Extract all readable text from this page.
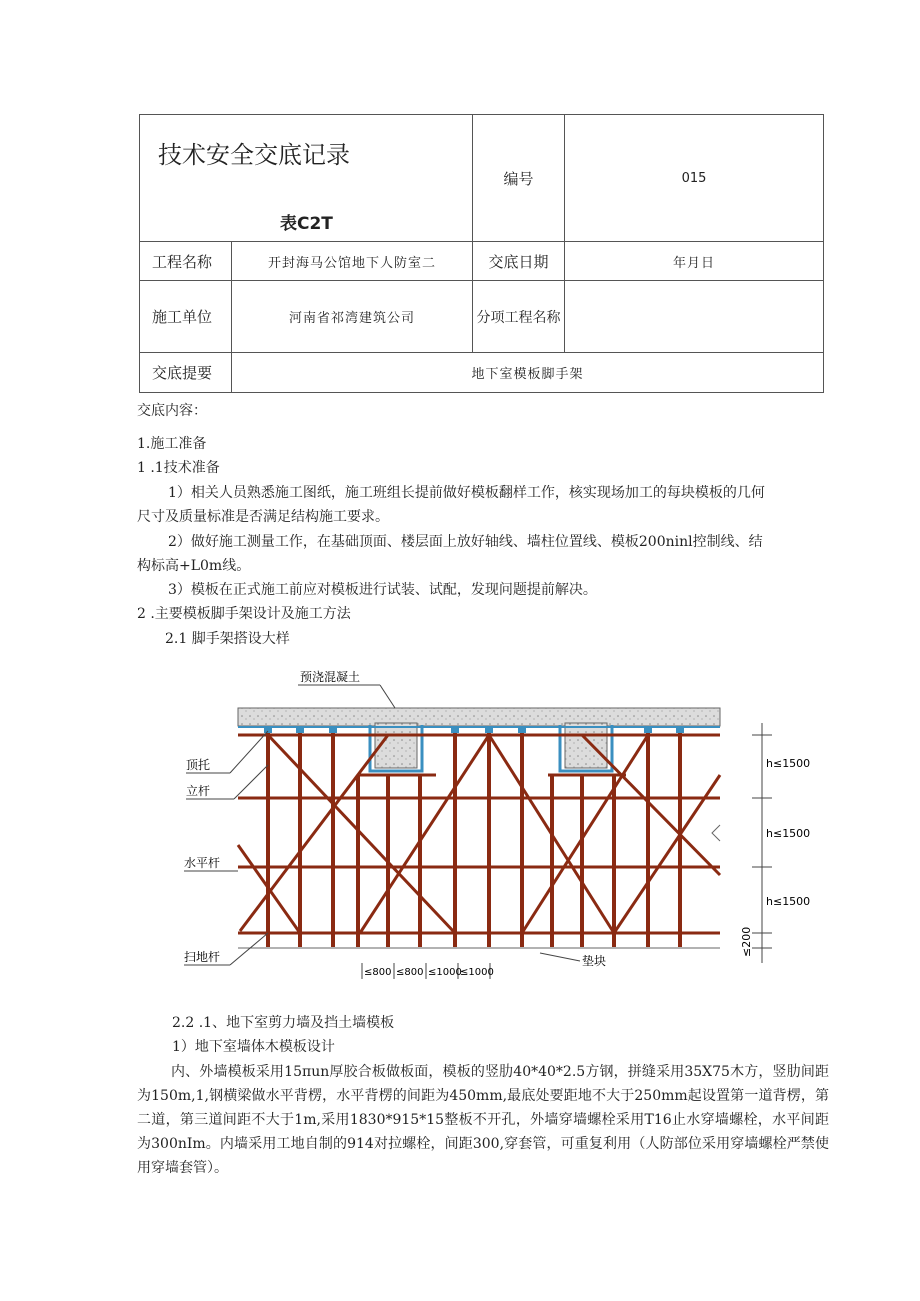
技术安全交底记录
表C2T		编号	015
工程名称	开封海马公馆地下人防室二	交底日期	年月日
施工单位	河南省祁湾建筑公司	分项工程名称	
交底提要	地下室模板脚手架		
交底内容：
1.施工准备
1 .1技术准备
1）相关人员熟悉施工图纸，施工班组长提前做好模板翻样工作，核实现场加工的每块模板的几何
尺寸及质量标准是否满足结构施工要求。
2）做好施工测量工作，在基础顶面、楼层面上放好轴线、墙柱位置线、模板200ninl控制线、结
构标高+L0m线。
3）模板在正式施工前应对模板进行试装、试配，发现问题提前解决。
2 .主要模板脚手架设计及施工方法
2.1 脚手架搭设大样
预浇混凝土
顶托
立杆
水平杆
扫地杆
h≤1500
h≤1500
h≤1500
≤200
≤800 ≤800 ≤1000
≤1000
垫块
2.2 .1、地下室剪力墙及挡土墙模板
1）地下室墙体木模板设计
内、外墙模板采用15πun厚胶合板做板面，模板的竖肋40*40*2.5方钢，拼缝采用35X75木方，竖肋间距为150m,1,钢横梁做水平背楞，水平背楞的间距为450mm,最底处要距地不大于250mm起设置第一道背楞，第二道，第三道间距不大于1m,采用1830*915*15整板不开孔，外墙穿墙螺栓采用T16止水穿墙螺栓，水平间距为300nIm。内墙采用工地自制的914对拉螺栓，间距300,穿套管，可重复利用（人防部位采用穿墙螺栓严禁使用穿墙套管）。
